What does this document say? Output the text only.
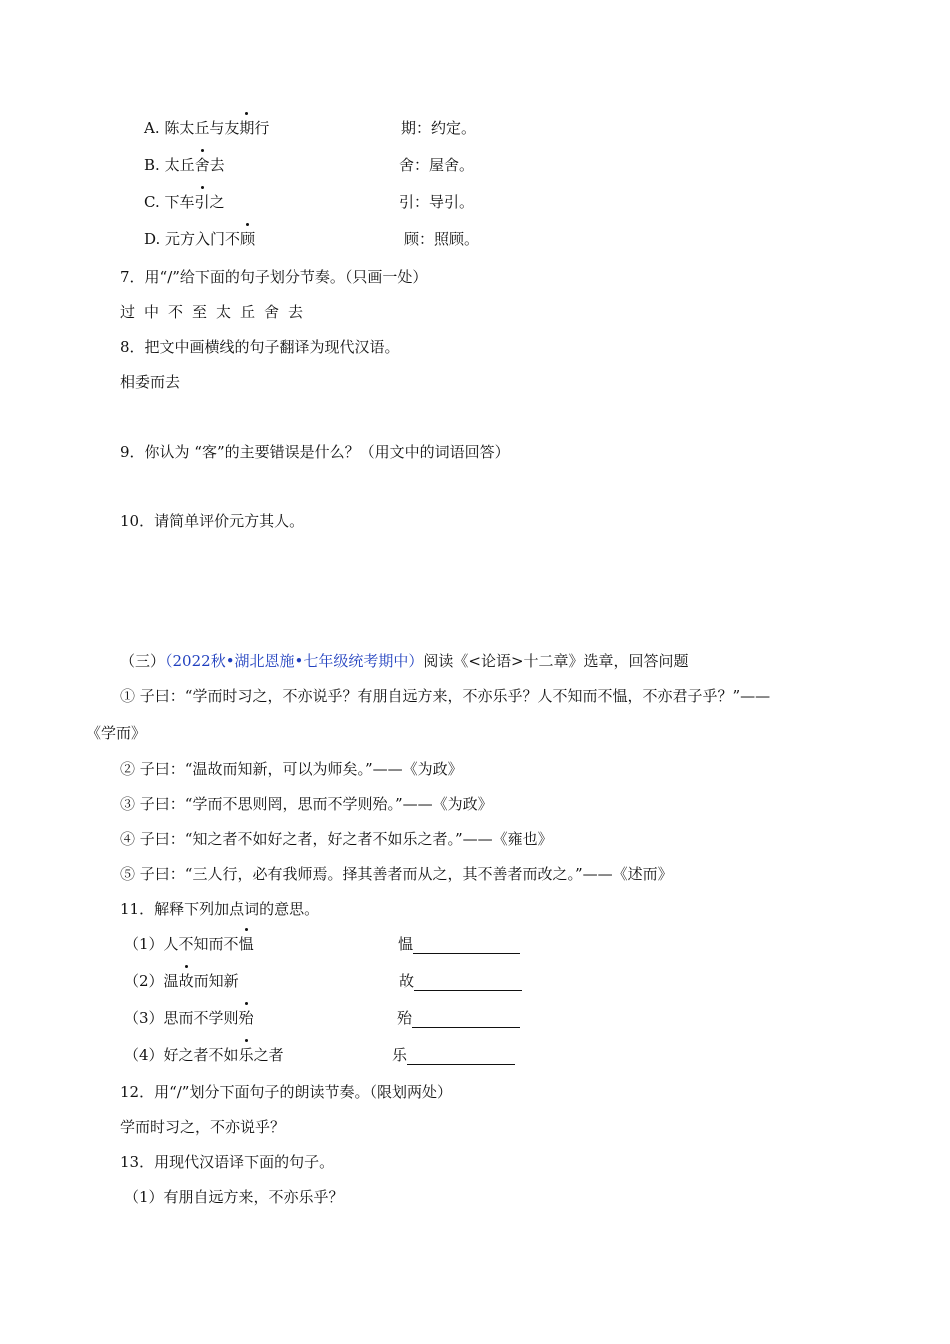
A. 陈太丘与友期行	期：约定。
B. 太丘舍去	舍：屋舍。
C. 下车引之	引：导引。
D. 元方入门不顾	顾：照顾。
7．用“/”给下面的句子划分节奏。（只画一处）
过中不至太丘舍去
8．把文中画横线的句子翻译为现代汉语。
相委而去
9．你认为 “客”的主要错误是什么？（用文中的词语回答）
10．请简单评价元方其人。
（三）（2022秋•湖北恩施•七年级统考期中）阅读《<论语>十二章》选章，回答问题
① 子曰：“学而时习之，不亦说乎？有朋自远方来，不亦乐乎？人不知而不愠，不亦君子乎？”——
《学而》
② 子曰：“温故而知新，可以为师矣。”——《为政》
③ 子曰：“学而不思则罔，思而不学则殆。”——《为政》
④ 子曰：“知之者不如好之者，好之者不如乐之者。”——《雍也》
⑤ 子曰：“三人行，必有我师焉。择其善者而从之，其不善者而改之。”——《述而》
11．解释下列加点词的意思。
（1）人不知而不愠	愠
（2）温故而知新	故
（3）思而不学则殆	殆
（4）好之者不如乐之者	乐
12．用“/”划分下面句子的朗读节奏。（限划两处）
学而时习之，不亦说乎？
13．用现代汉语译下面的句子。
（1）有朋自远方来，不亦乐乎？
